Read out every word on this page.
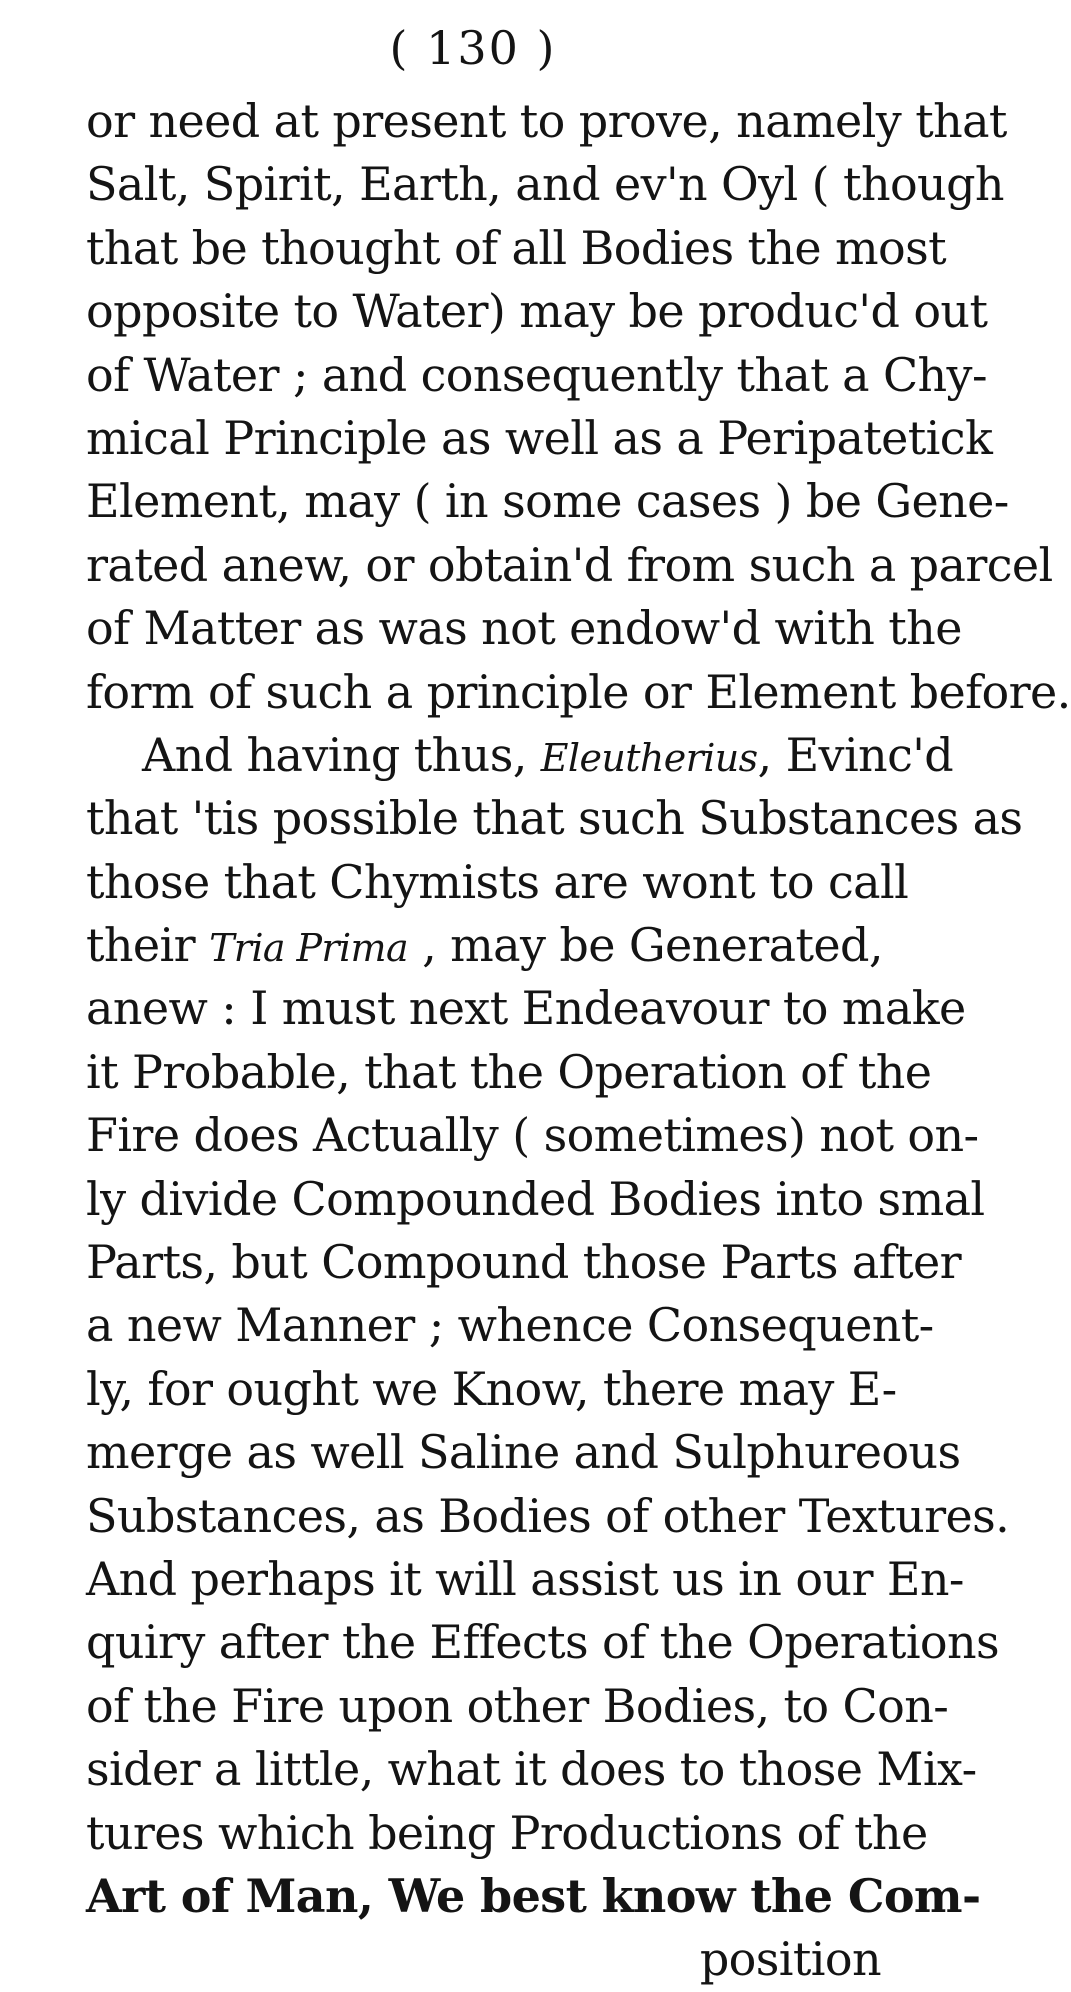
( 130 )
or need at present to prove, namely that
Salt, Spirit, Earth, and ev'n Oyl ( though
that be thought of all Bodies the most
opposite to Water) may be produc'd out
of Water ; and consequently that a Chy-
mical Principle as well as a Peripatetick
Element, may ( in some cases ) be Gene-
rated anew, or obtain'd from such a parcel
of Matter as was not endow'd with the
form of such a principle or Element before.
And having thus, Eleutherius, Evinc'd
that 'tis possible that such Substances as
those that Chymists are wont to call
their Tria Prima , may be Generated,
anew : I must next Endeavour to make
it Probable, that the Operation of the
Fire does Actually ( sometimes) not on-
ly divide Compounded Bodies into smal
Parts, but Compound those Parts after
a new Manner ; whence Consequent-
ly, for ought we Know, there may E-
merge as well Saline and Sulphureous
Substances, as Bodies of other Textures.
And perhaps it will assist us in our En-
quiry after the Effects of the Operations
of the Fire upon other Bodies, to Con-
sider a little, what it does to those Mix-
tures which being Productions of the
Art of Man, We best know the Com-
position
